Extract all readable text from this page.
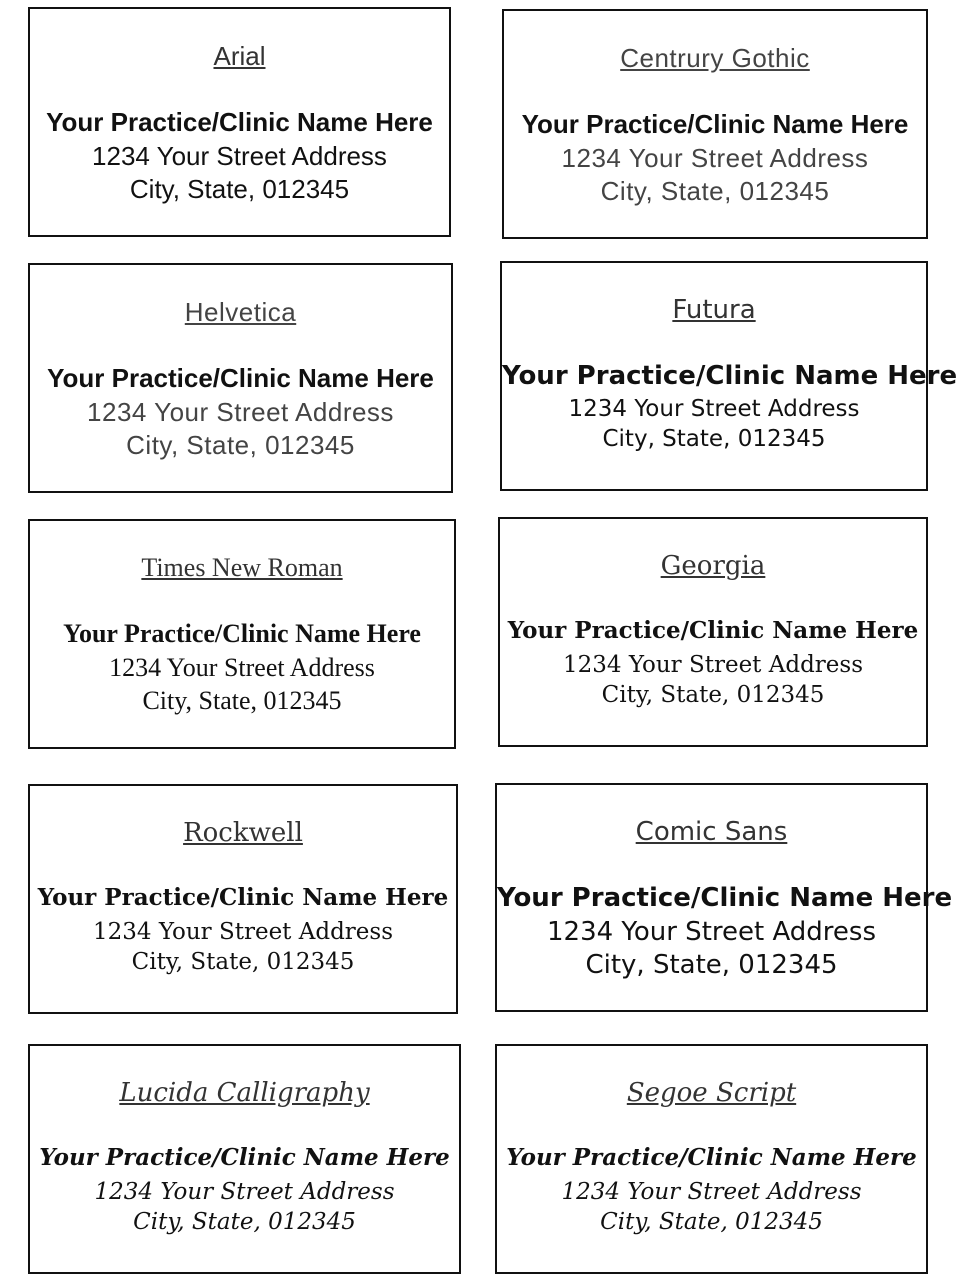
Arial
Your Practice/Clinic Name Here
1234 Your Street Address
City, State, 012345
Centrury Gothic
Your Practice/Clinic Name Here
1234 Your Street Address
City, State, 012345
Helvetica
Your Practice/Clinic Name Here
1234 Your Street Address
City, State, 012345
Futura
Your Practice/Clinic Name Here
1234 Your Street Address
City, State, 012345
Times New Roman
Your Practice/Clinic Name Here
1234 Your Street Address
City, State, 012345
Georgia
Your Practice/Clinic Name Here
1234 Your Street Address
City, State, 012345
Rockwell
Your Practice/Clinic Name Here
1234 Your Street Address
City, State, 012345
Comic Sans
Your Practice/Clinic Name Here
1234 Your Street Address
City, State, 012345
Lucida Calligraphy
Your Practice/Clinic Name Here
1234 Your Street Address
City, State, 012345
Segoe Script
Your Practice/Clinic Name Here
1234 Your Street Address
City, State, 012345
